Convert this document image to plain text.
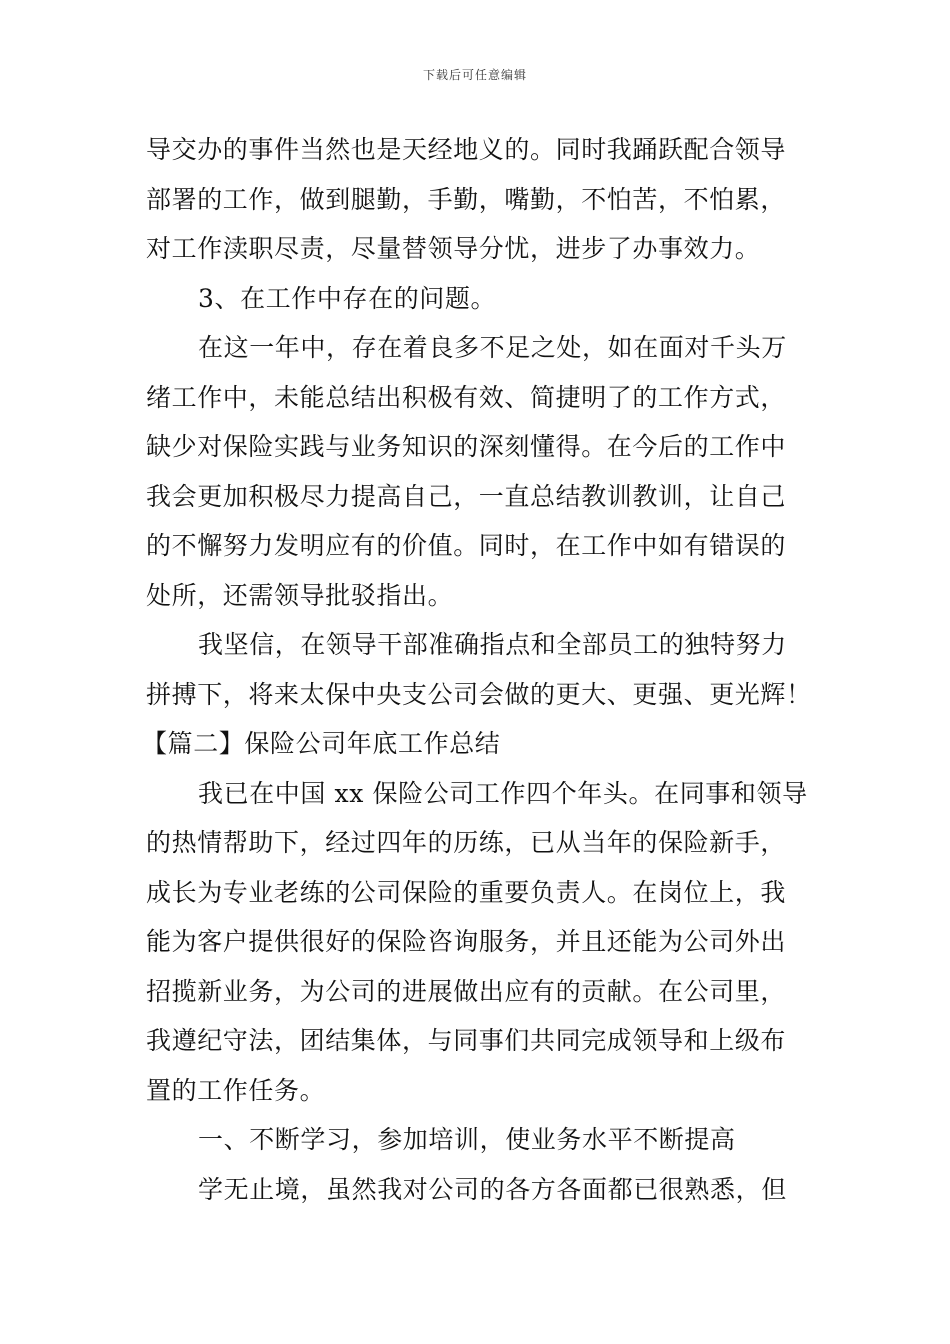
下载后可任意编辑
导交办的事件当然也是天经地义的。同时我踊跃配合领导
部署的工作，做到腿勤，手勤，嘴勤，不怕苦，不怕累，
对工作渎职尽责，尽量替领导分忧，进步了办事效力。
3、在工作中存在的问题。
在这一年中，存在着良多不足之处，如在面对千头万
绪工作中，未能总结出积极有效、简捷明了的工作方式，
缺少对保险实践与业务知识的深刻懂得。在今后的工作中
我会更加积极尽力提高自己，一直总结教训教训，让自己
的不懈努力发明应有的价值。同时，在工作中如有错误的
处所，还需领导批驳指出。
我坚信，在领导干部准确指点和全部员工的独特努力
拼搏下，将来太保中央支公司会做的更大、更强、更光辉！
【篇二】保险公司年底工作总结
我已在中国 xx 保险公司工作四个年头。在同事和领导
的热情帮助下，经过四年的历练，已从当年的保险新手，
成长为专业老练的公司保险的重要负责人。在岗位上，我
能为客户提供很好的保险咨询服务，并且还能为公司外出
招揽新业务，为公司的进展做出应有的贡献。在公司里，
我遵纪守法，团结集体，与同事们共同完成领导和上级布
置的工作任务。
一、不断学习，参加培训，使业务水平不断提高
学无止境，虽然我对公司的各方各面都已很熟悉，但
